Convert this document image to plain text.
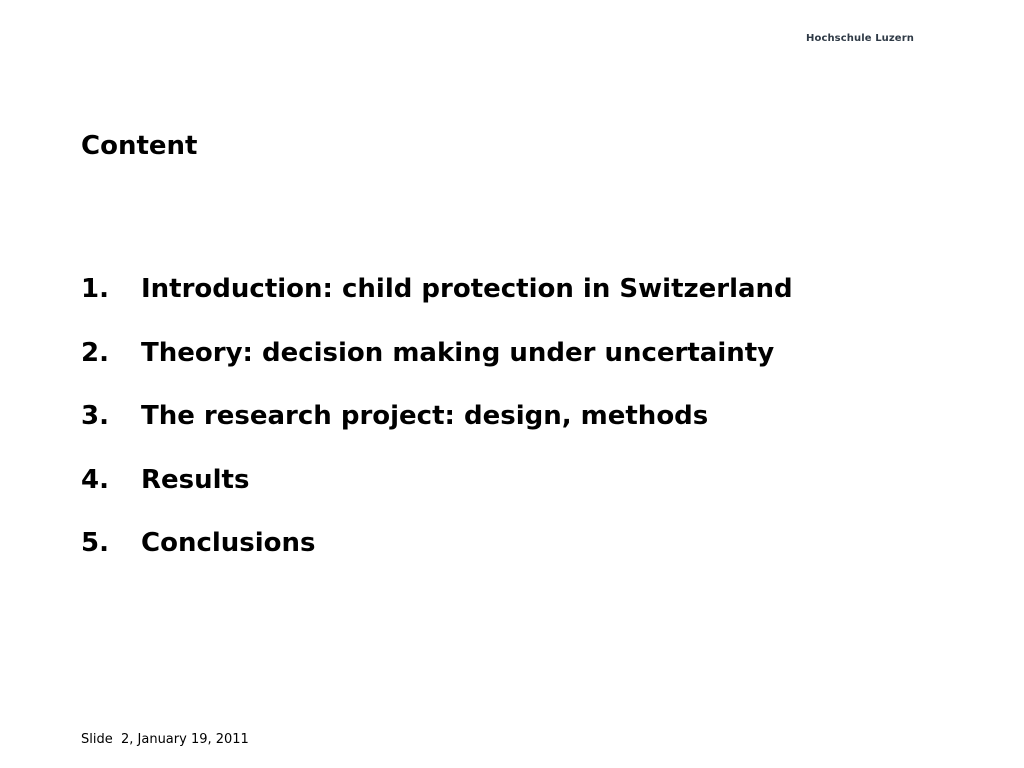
Hochschule Luzern
Content
1.	Introduction: child protection in Switzerland
2.	Theory: decision making under uncertainty
3.	The research project: design, methods
4.	Results
5.	Conclusions
Slide  2, January 19, 2011
